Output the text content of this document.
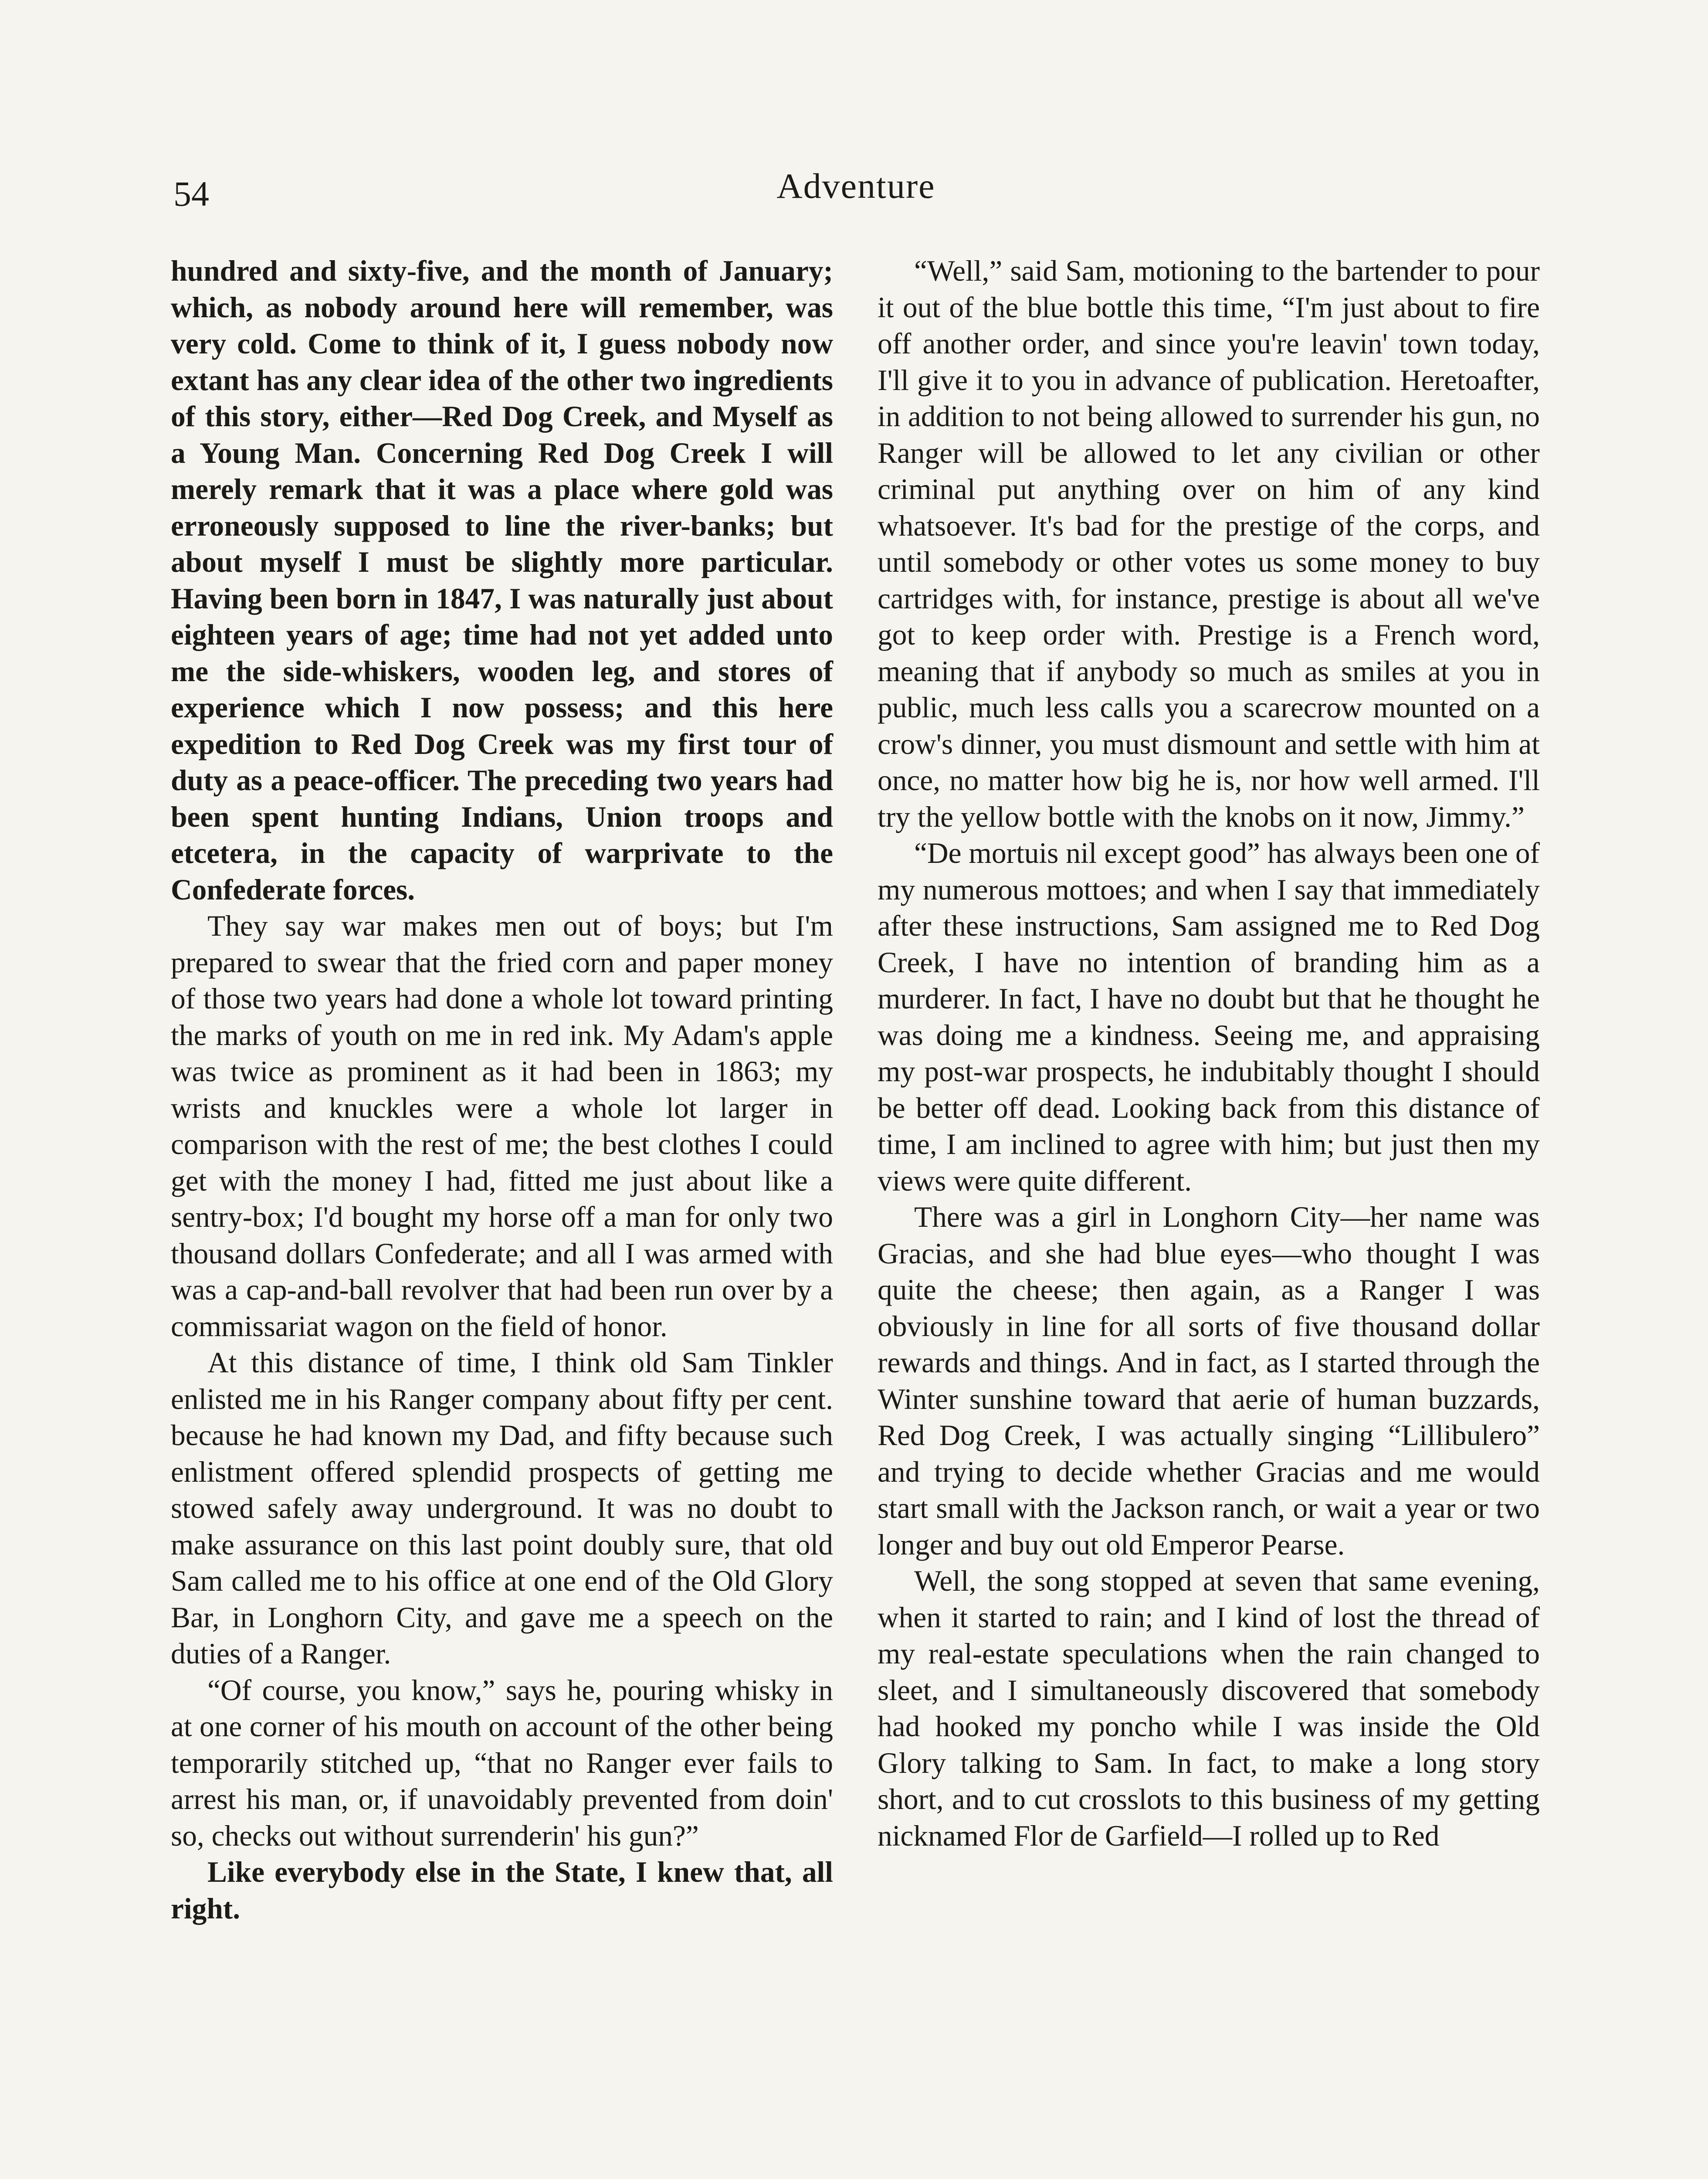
54	Adventure

hundred and sixty-five, and the month of January; which, as nobody around here will remember, was very cold. Come to think of it, I guess nobody now extant has any clear idea of the other two ingredients of this story, either—Red Dog Creek, and Myself as a Young Man. Concerning Red Dog Creek I will merely remark that it was a place where gold was erroneously supposed to line the river-banks; but about myself I must be slightly more particular. Having been born in 1847, I was naturally just about eighteen years of age; time had not yet added unto me the side-whiskers, wooden leg, and stores of experience which I now possess; and this here expedition to Red Dog Creek was my first tour of duty as a peace-officer. The preceding two years had been spent hunting Indians, Union troops and etcetera, in the capacity of warprivate to the Confederate forces.

They say war makes men out of boys; but I'm prepared to swear that the fried corn and paper money of those two years had done a whole lot toward printing the marks of youth on me in red ink. My Adam's apple was twice as prominent as it had been in 1863; my wrists and knuckles were a whole lot larger in comparison with the rest of me; the best clothes I could get with the money I had, fitted me just about like a sentry-box; I'd bought my horse off a man for only two thousand dollars Confederate; and all I was armed with was a cap-and-ball revolver that had been run over by a commissariat wagon on the field of honor.

At this distance of time, I think old Sam Tinkler enlisted me in his Ranger company about fifty per cent. because he had known my Dad, and fifty because such enlistment offered splendid prospects of getting me stowed safely away underground. It was no doubt to make assurance on this last point doubly sure, that old Sam called me to his office at one end of the Old Glory Bar, in Longhorn City, and gave me a speech on the duties of a Ranger.

“Of course, you know,” says he, pouring whisky in at one corner of his mouth on account of the other being temporarily stitched up, “that no Ranger ever fails to arrest his man, or, if unavoidably prevented from doin' so, checks out without surrenderin' his gun?”

Like everybody else in the State, I knew that, all right.

“Well,” said Sam, motioning to the bartender to pour it out of the blue bottle this time, “I'm just about to fire off another order, and since you're leavin' town today, I'll give it to you in advance of publication. Heretoafter, in addition to not being allowed to surrender his gun, no Ranger will be allowed to let any civilian or other criminal put anything over on him of any kind whatsoever. It's bad for the prestige of the corps, and until somebody or other votes us some money to buy cartridges with, for instance, prestige is about all we've got to keep order with. Prestige is a French word, meaning that if anybody so much as smiles at you in public, much less calls you a scarecrow mounted on a crow's dinner, you must dismount and settle with him at once, no matter how big he is, nor how well armed. I'll try the yellow bottle with the knobs on it now, Jimmy.”

“De mortuis nil except good” has always been one of my numerous mottoes; and when I say that immediately after these instructions, Sam assigned me to Red Dog Creek, I have no intention of branding him as a murderer. In fact, I have no doubt but that he thought he was doing me a kindness. Seeing me, and appraising my post-war prospects, he indubitably thought I should be better off dead. Looking back from this distance of time, I am inclined to agree with him; but just then my views were quite different.

There was a girl in Longhorn City—her name was Gracias, and she had blue eyes—who thought I was quite the cheese; then again, as a Ranger I was obviously in line for all sorts of five thousand dollar rewards and things. And in fact, as I started through the Winter sunshine toward that aerie of human buzzards, Red Dog Creek, I was actually singing “Lillibulero” and trying to decide whether Gracias and me would start small with the Jackson ranch, or wait a year or two longer and buy out old Emperor Pearse.

Well, the song stopped at seven that same evening, when it started to rain; and I kind of lost the thread of my real-estate speculations when the rain changed to sleet, and I simultaneously discovered that somebody had hooked my poncho while I was inside the Old Glory talking to Sam. In fact, to make a long story short, and to cut crosslots to this business of my getting nicknamed Flor de Garfield—I rolled up to Red
